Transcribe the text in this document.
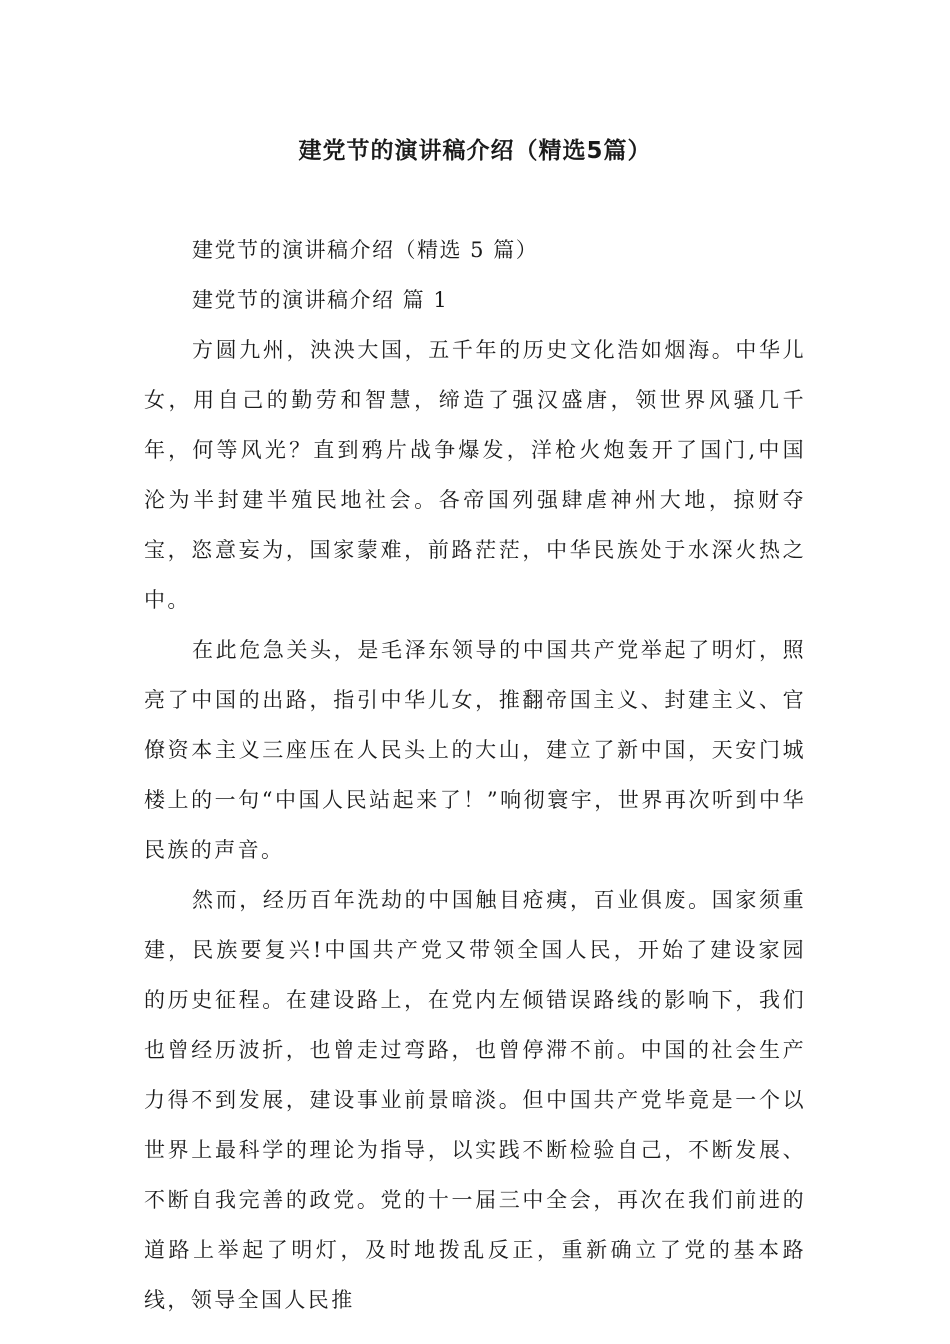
建党节的演讲稿介绍（精选5篇）

建党节的演讲稿介绍（精选 5 篇）

建党节的演讲稿介绍 篇 1

方圆九州，泱泱大国，五千年的历史文化浩如烟海。中华儿女，用自己的勤劳和智慧，缔造了强汉盛唐，领世界风骚几千年，何等风光？直到鸦片战争爆发，洋枪火炮轰开了国门,中国沦为半封建半殖民地社会。各帝国列强肆虐神州大地，掠财夺宝，恣意妄为，国家蒙难，前路茫茫，中华民族处于水深火热之中。

在此危急关头，是毛泽东领导的中国共产党举起了明灯，照亮了中国的出路，指引中华儿女，推翻帝国主义、封建主义、官僚资本主义三座压在人民头上的大山，建立了新中国，天安门城楼上的一句“中国人民站起来了！”响彻寰宇，世界再次听到中华民族的声音。

然而，经历百年洗劫的中国触目疮痍，百业俱废。国家须重建，民族要复兴!中国共产党又带领全国人民，开始了建设家园的历史征程。在建设路上，在党内左倾错误路线的影响下，我们也曾经历波折，也曾走过弯路，也曾停滞不前。中国的社会生产力得不到发展，建设事业前景暗淡。但中国共产党毕竟是一个以世界上最科学的理论为指导，以实践不断检验自己，不断发展、不断自我完善的政党。党的十一届三中全会，再次在我们前进的道路上举起了明灯，及时地拨乱反正，重新确立了党的基本路线，领导全国人民推
